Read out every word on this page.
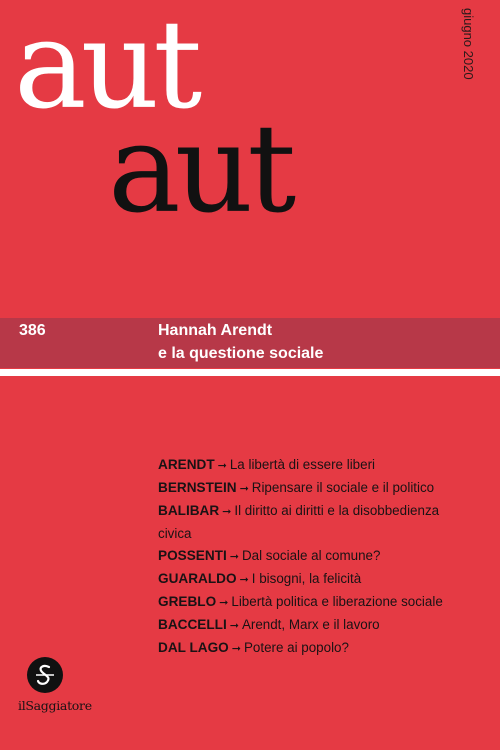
aut
aut
giugno 2020
386	Hannah Arendt
e la questione sociale
ARENDT ➞ La libertà di essere liberi
BERNSTEIN ➞ Ripensare il sociale e il politico
BALIBAR ➞ Il diritto ai diritti e la disobbedienza
civica
POSSENTI ➞ Dal sociale al comune?
GUARALDO ➞ I bisogni, la felicità
GREBLO ➞ Libertà politica e liberazione sociale
BACCELLI ➞ Arendt, Marx e il lavoro
DAL LAGO ➞ Potere ai popolo?
ilSaggiatore
